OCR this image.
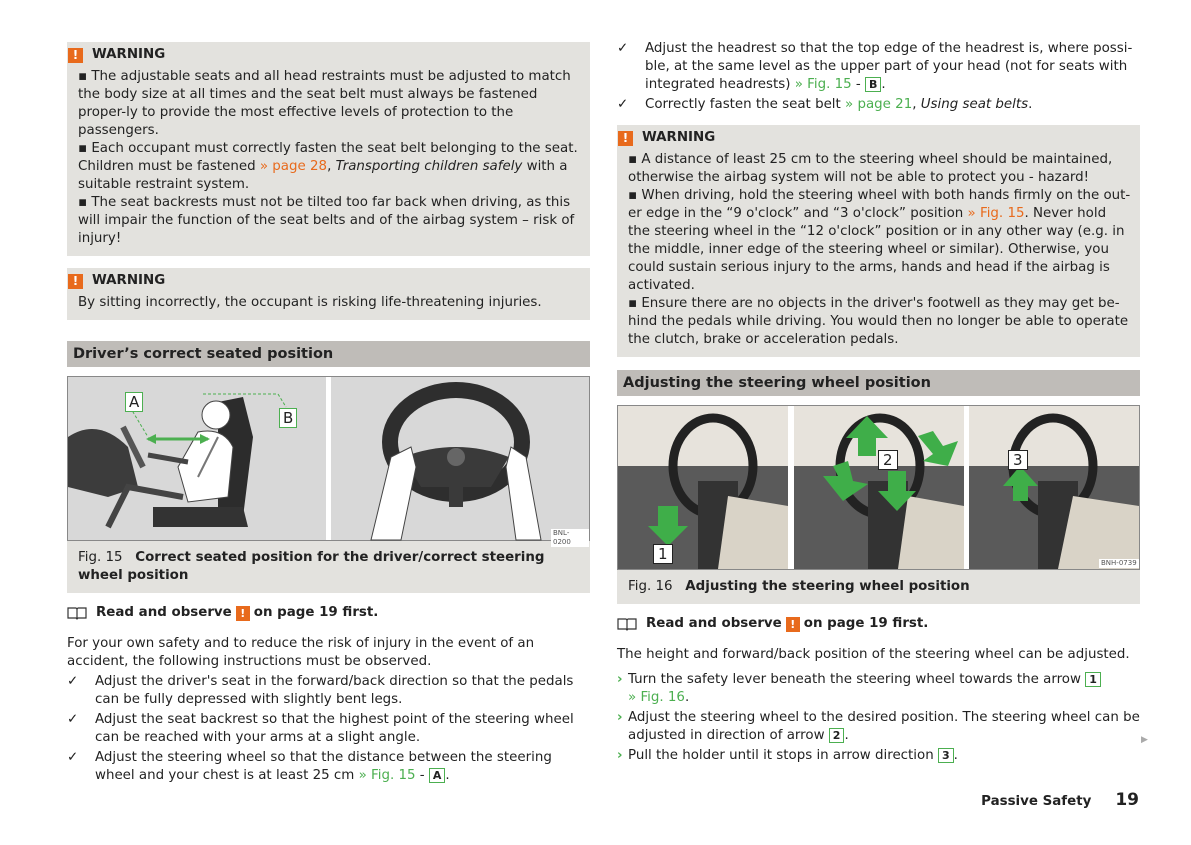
!	WARNING

▪ The adjustable seats and all head restraints must be adjusted to match the body size at all times and the seat belt must always be fastened proper-ly to provide the most effective levels of protection to the passengers.

▪ Each occupant must correctly fasten the seat belt belonging to the seat. Children must be fastened » page 28, Transporting children safely with a suitable restraint system.

▪ The seat backrests must not be tilted too far back when driving, as this will impair the function of the seat belts and of the airbag system – risk of injury!

!	WARNING

By sitting incorrectly, the occupant is risking life-threatening injuries.

Driver’s correct seated position
A
B
BNL-0200
Fig. 15 Correct seated position for the driver/correct steering wheel position
Read and observe ! on page 19 first.

For your own safety and to reduce the risk of injury in the event of an accident, the following instructions must be observed.

✓	Adjust the driver's seat in the forward/back direction so that the pedals can be fully depressed with slightly bent legs.
✓	Adjust the seat backrest so that the highest point of the steering wheel can be reached with your arms at a slight angle.
✓	Adjust the steering wheel so that the distance between the steering wheel and your chest is at least 25 cm » Fig. 15 - A .
✓	Adjust the headrest so that the top edge of the headrest is, where possi-ble, at the same level as the upper part of your head (not for seats with integrated headrests) » Fig. 15 - B .
✓	Correctly fasten the seat belt » page 21, Using seat belts.
!	WARNING

▪ A distance of least 25 cm to the steering wheel should be maintained, otherwise the airbag system will not be able to protect you - hazard!

▪ When driving, hold the steering wheel with both hands firmly on the out-er edge in the “9 o'clock” and “3 o'clock” position » Fig. 15. Never hold the steering wheel in the “12 o'clock” position or in any other way (e.g. in the middle, inner edge of the steering wheel or similar). Otherwise, you could sustain serious injury to the arms, hands and head if the airbag is activated.

▪ Ensure there are no objects in the driver's footwell as they may get be-hind the pedals while driving. You would then no longer be able to operate the clutch, brake or acceleration pedals.

Adjusting the steering wheel position
1
2	3
BNH-0739
Fig. 16 Adjusting the steering wheel position
Read and observe ! on page 19 first.

The height and forward/back position of the steering wheel can be adjusted.

› Turn the safety lever beneath the steering wheel towards the arrow 1
» Fig. 16.
› Adjust the steering wheel to the desired position. The steering wheel can be adjusted in direction of arrow 2 .
› Pull the holder until it stops in arrow direction 3 .
▶
Passive Safety 19
